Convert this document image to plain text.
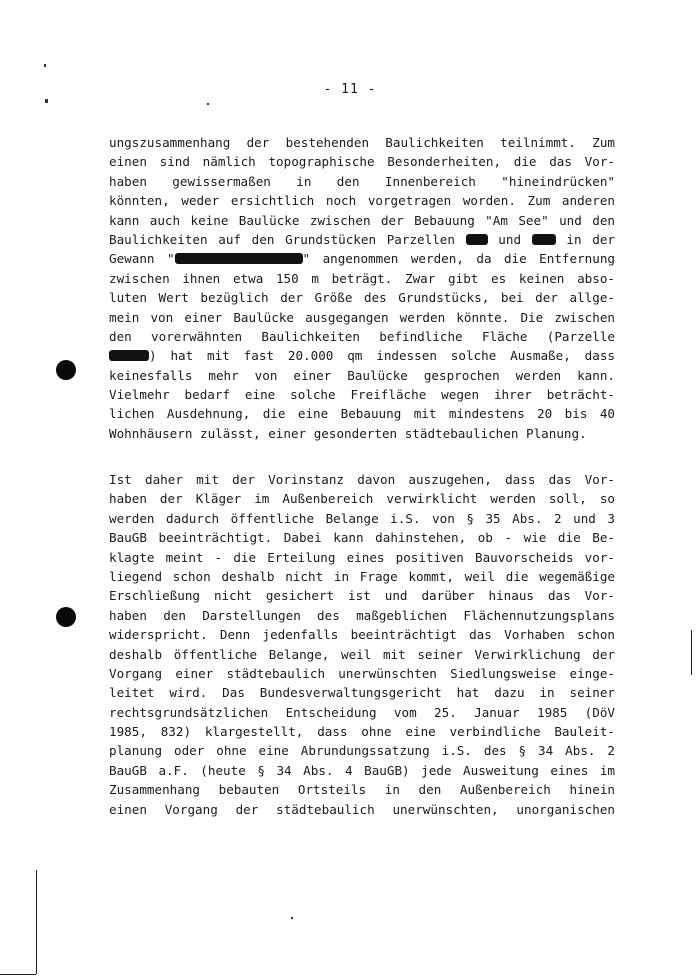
- 11 -
ungszusammenhang der bestehenden Baulichkeiten teilnimmt. Zum
einen sind nämlich topographische Besonderheiten, die das Vor-
haben gewissermaßen in den Innenbereich "hineindrücken"
könnten, weder ersichtlich noch vorgetragen worden. Zum anderen
kann auch keine Baulücke zwischen der Bebauung "Am See" und den
Baulichkeiten auf den Grundstücken Parzellen  und  in der
Gewann "	" angenommen werden, da die Entfernung
zwischen ihnen etwa 150 m beträgt. Zwar gibt es keinen abso-
luten Wert bezüglich der Größe des Grundstücks, bei der allge-
mein von einer Baulücke ausgegangen werden könnte. Die zwischen
den vorerwähnten Baulichkeiten befindliche Fläche (Parzelle
) hat mit fast 20.000 qm indessen solche Ausmaße, dass
keinesfalls mehr von einer Baulücke gesprochen werden kann.
Vielmehr bedarf eine solche Freifläche wegen ihrer beträcht-
lichen Ausdehnung, die eine Bebauung mit mindestens 20 bis 40
Wohnhäusern zulässt, einer gesonderten städtebaulichen Planung.
Ist daher mit der Vorinstanz davon auszugehen, dass das Vor-
haben der Kläger im Außenbereich verwirklicht werden soll, so
werden dadurch öffentliche Belange i.S. von § 35 Abs. 2 und 3
BauGB beeinträchtigt. Dabei kann dahinstehen, ob - wie die Be-
klagte meint - die Erteilung eines positiven Bauvorscheids vor-
liegend schon deshalb nicht in Frage kommt, weil die wegemäßige
Erschließung nicht gesichert ist und darüber hinaus das Vor-
haben den Darstellungen des maßgeblichen Flächennutzungsplans
widerspricht. Denn jedenfalls beeinträchtigt das Vorhaben schon
deshalb öffentliche Belange, weil mit seiner Verwirklichung der
Vorgang einer städtebaulich unerwünschten Siedlungsweise einge-
leitet wird. Das Bundesverwaltungsgericht hat dazu in seiner
rechtsgrundsätzlichen Entscheidung vom 25. Januar 1985 (DöV
1985, 832) klargestellt, dass ohne eine verbindliche Bauleit-
planung oder ohne eine Abrundungssatzung i.S. des § 34 Abs. 2
BauGB a.F. (heute § 34 Abs. 4 BauGB) jede Ausweitung eines im
Zusammenhang bebauten Ortsteils in den Außenbereich hinein
einen Vorgang der städtebaulich unerwünschten, unorganischen
